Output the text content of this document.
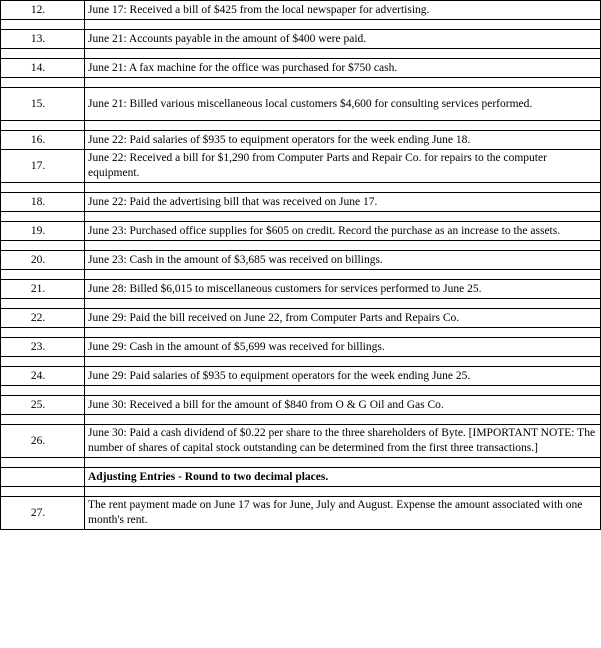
12.	June 17: Received a bill of $425 from the local newspaper for advertising.

13.	June 21: Accounts payable in the amount of $400 were paid.

14.	June 21: A fax machine for the office was purchased for $750 cash.

15.	June 21: Billed various miscellaneous local customers $4,600 for consulting services performed.

16.	June 22: Paid salaries of $935 to equipment operators for the week ending June 18.
17.	June 22: Received a bill for $1,290 from Computer Parts and Repair Co. for repairs to the computer equipment.

18.	June 22: Paid the advertising bill that was received on June 17.

19.	June 23: Purchased office supplies for $605 on credit. Record the purchase as an increase to the assets.

20.	June 23: Cash in the amount of $3,685 was received on billings.

21.	June 28: Billed $6,015 to miscellaneous customers for services performed to June 25.

22.	June 29: Paid the bill received on June 22, from Computer Parts and Repairs Co.

23.	June 29: Cash in the amount of $5,699 was received for billings.

24.	June 29: Paid salaries of $935 to equipment operators for the week ending June 25.

25.	June 30: Received a bill for the amount of $840 from O & G Oil and Gas Co.

26.	June 30: Paid a cash dividend of $0.22 per share to the three shareholders of Byte. [IMPORTANT NOTE: The number of shares of capital stock outstanding can be determined from the first three transactions.]

	Adjusting Entries - Round to two decimal places.

27.	The rent payment made on June 17 was for June, July and August. Expense the amount associated with one month's rent.
